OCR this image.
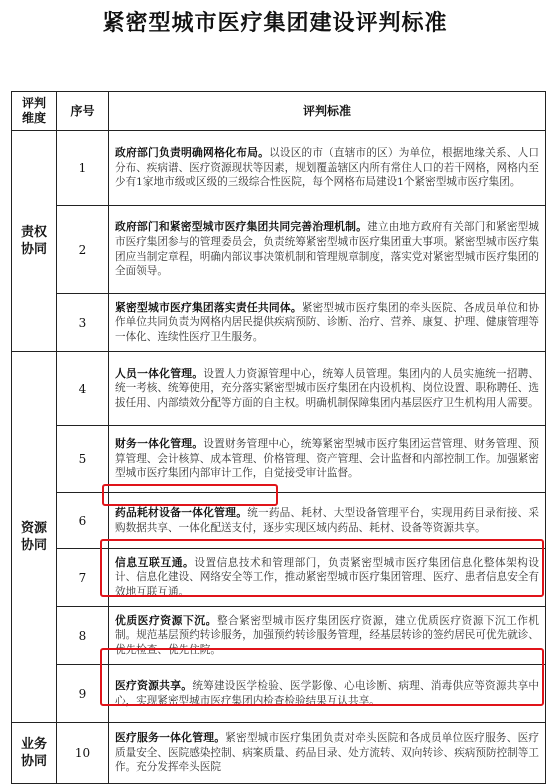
紧密型城市医疗集团建设评判标准
评判
维度	序号	评判标准
责权
协同	1	政府部门负责明确网格化布局。以设区的市（直辖市的区）为单位，根据地缘关系、人口分布、疾病谱、医疗资源现状等因素，规划覆盖辖区内所有常住人口的若干网格，网格内至少有1家地市级或区级的三级综合性医院，每个网格布局建设1个紧密型城市医疗集团。
	2	政府部门和紧密型城市医疗集团共同完善治理机制。建立由地方政府有关部门和紧密型城市医疗集团参与的管理委员会，负责统筹紧密型城市医疗集团重大事项。紧密型城市医疗集团应当制定章程，明确内部议事决策机制和管理规章制度，落实党对紧密型城市医疗集团的全面领导。
	3	紧密型城市医疗集团落实责任共同体。紧密型城市医疗集团的牵头医院、各成员单位和协作单位共同负责为网格内居民提供疾病预防、诊断、治疗、营养、康复、护理、健康管理等一体化、连续性医疗卫生服务。
资源
协同	4	人员一体化管理。设置人力资源管理中心，统筹人员管理。集团内的人员实施统一招聘、统一考核、统筹使用，充分落实紧密型城市医疗集团在内设机构、岗位设置、职称聘任、选拔任用、内部绩效分配等方面的自主权。明确机制保障集团内基层医疗卫生机构用人需要。
	5	财务一体化管理。设置财务管理中心，统筹紧密型城市医疗集团运营管理、财务管理、预算管理、会计核算、成本管理、价格管理、资产管理、会计监督和内部控制工作。加强紧密型城市医疗集团内部审计工作，自觉接受审计监督。
	6	药品耗材设备一体化管理。统一药品、耗材、大型设备管理平台，实现用药目录衔接、采购数据共享、一体化配送支付，逐步实现区域内药品、耗材、设备等资源共享。
	7	信息互联互通。设置信息技术和管理部门，负责紧密型城市医疗集团信息化整体架构设计、信息化建设、网络安全等工作，推动紧密型城市医疗集团管理、医疗、患者信息安全有效地互联互通。
	8	优质医疗资源下沉。整合紧密型城市医疗集团医疗资源，建立优质医疗资源下沉工作机制。规范基层预约转诊服务，加强预约转诊服务管理，经基层转诊的签约居民可优先就诊、优先检查、优先住院。
	9	医疗资源共享。统筹建设医学检验、医学影像、心电诊断、病理、消毒供应等资源共享中心，实现紧密型城市医疗集团内检查检验结果互认共享。
业务
协同	10	医疗服务一体化管理。紧密型城市医疗集团负责对牵头医院和各成员单位医疗服务、医疗质量安全、医院感染控制、病案质量、药品目录、处方流转、双向转诊、疾病预防控制等工作。充分发挥牵头医院
